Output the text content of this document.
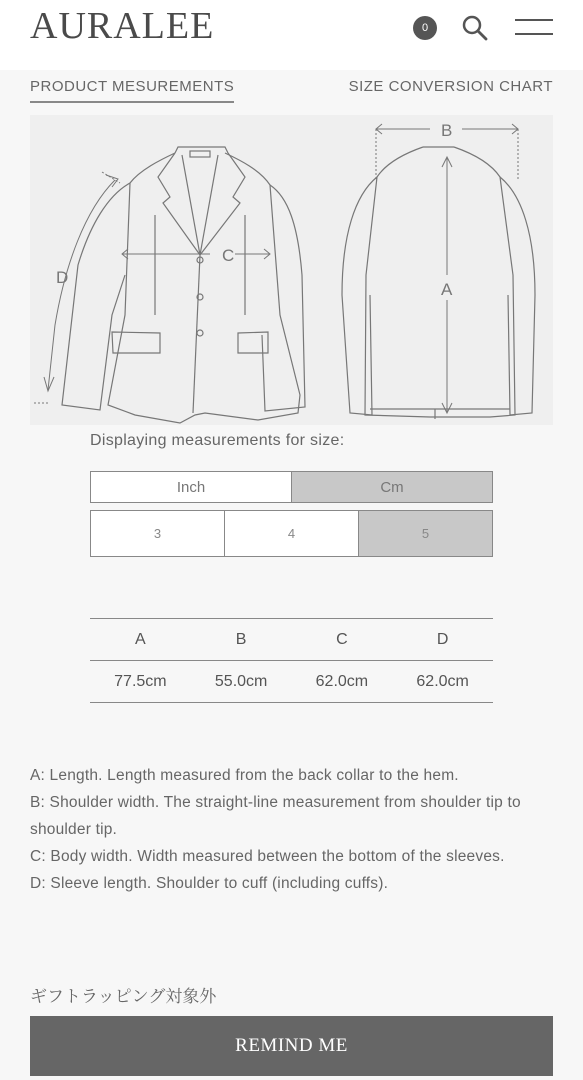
AURALEE	0
PRODUCT MESUREMENTS	SIZE CONVERSION CHART
C
D
B
A
Displaying measurements for size:
Inch	Cm
3	4	5
A	B	C	D
77.5cm	55.0cm	62.0cm	62.0cm

A: Length. Length measured from the back collar to the hem.

B: Shoulder width. The straight-line measurement from shoulder tip to shoulder tip.

C: Body width. Width measured between the bottom of the sleeves.

D: Sleeve length. Shoulder to cuff (including cuffs).

ギフトラッピング対象外
REMIND ME
